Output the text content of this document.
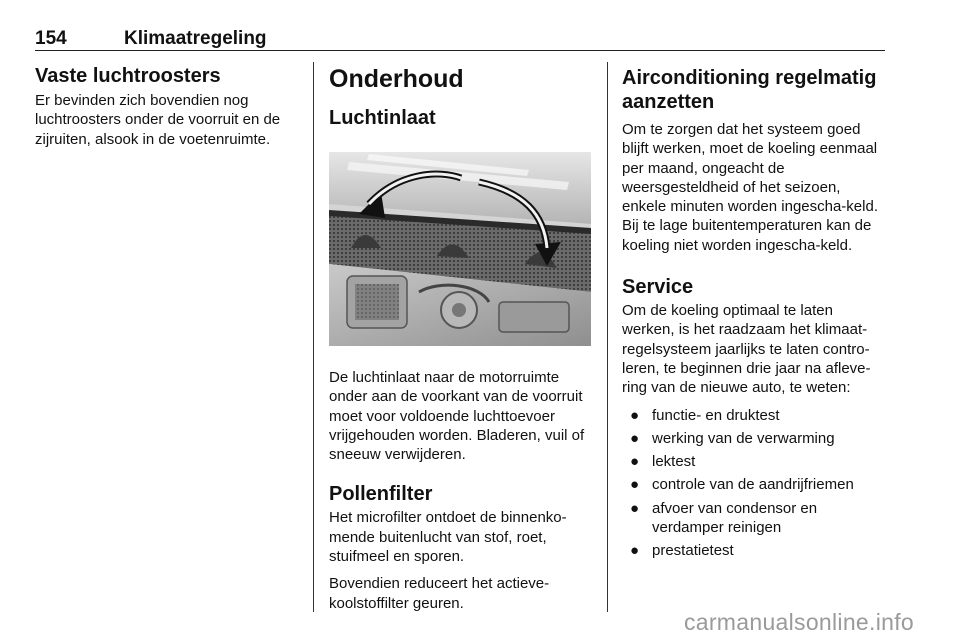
154	Klimaatregeling
Vaste luchtroosters

Er bevinden zich bovendien nog luchtroosters onder de voorruit en de zijruiten, alsook in de voetenruimte.

Onderhoud
Luchtinlaat

De luchtinlaat naar de motorruimte onder aan de voorkant van de voorruit moet voor voldoende luchttoevoer vrijgehouden worden. Bladeren, vuil of sneeuw verwijderen.

Pollenfilter

Het microfilter ontdoet de binnenko-mende buitenlucht van stof, roet, stuifmeel en sporen.

Bovendien reduceert het actieve-koolstoffilter geuren.

Airconditioning regelmatig aanzetten

Om te zorgen dat het systeem goed blijft werken, moet de koeling eenmaal per maand, ongeacht de weersgesteldheid of het seizoen, enkele minuten worden ingescha-keld. Bij te lage buitentemperaturen kan de koeling niet worden ingescha-keld.

Service

Om de koeling optimaal te laten werken, is het raadzaam het klimaat-regelsysteem jaarlijks te laten contro-leren, te beginnen drie jaar na afleve-ring van de nieuwe auto, te weten:

● functie- en druktest
● werking van de verwarming
● lektest
● controle van de aandrijfriemen
● afvoer van condensor en verdamper reinigen
● prestatietest
carmanualsonline.info
